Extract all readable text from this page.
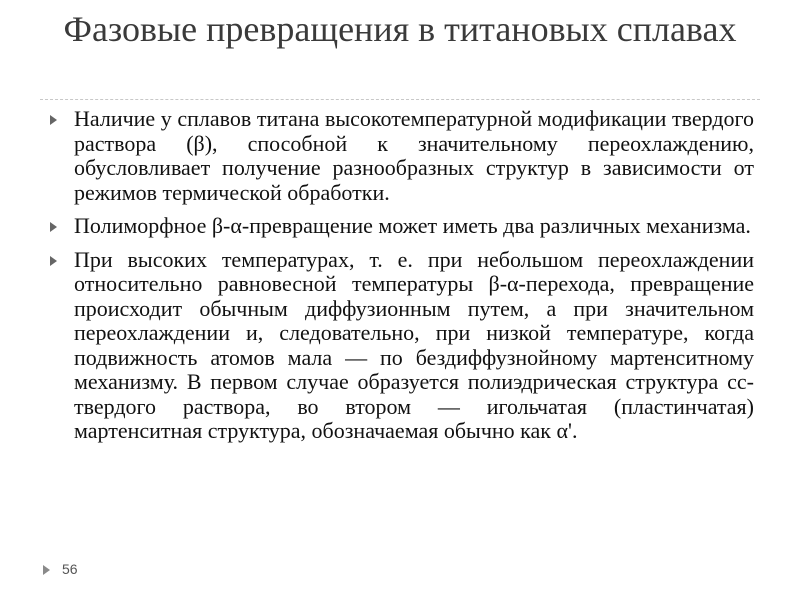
Фазовые превращения в титановых сплавах
Наличие у сплавов титана высокотемпературной модификации твердого раствора (β), способной к значительному переохлаждению, обусловливает получение разнообразных структур в зависимости от режимов термической обработки.
Полиморфное β-α-превращение может иметь два различных механизма.
При высоких температурах, т. е. при небольшом переохлаждении относительно равновесной температуры β-α-перехода, превращение происходит обычным диффузионным путем, а при значительном переохлаждении и, следовательно, при низкой температуре, когда подвижность атомов мала — по бездиффузнойному мартенситному механизму. В первом случае образуется полиэдрическая структура сс-твердого раствора, во втором — игольчатая (пластинчатая) мартенситная структура, обозначаемая обычно как α'.
56
